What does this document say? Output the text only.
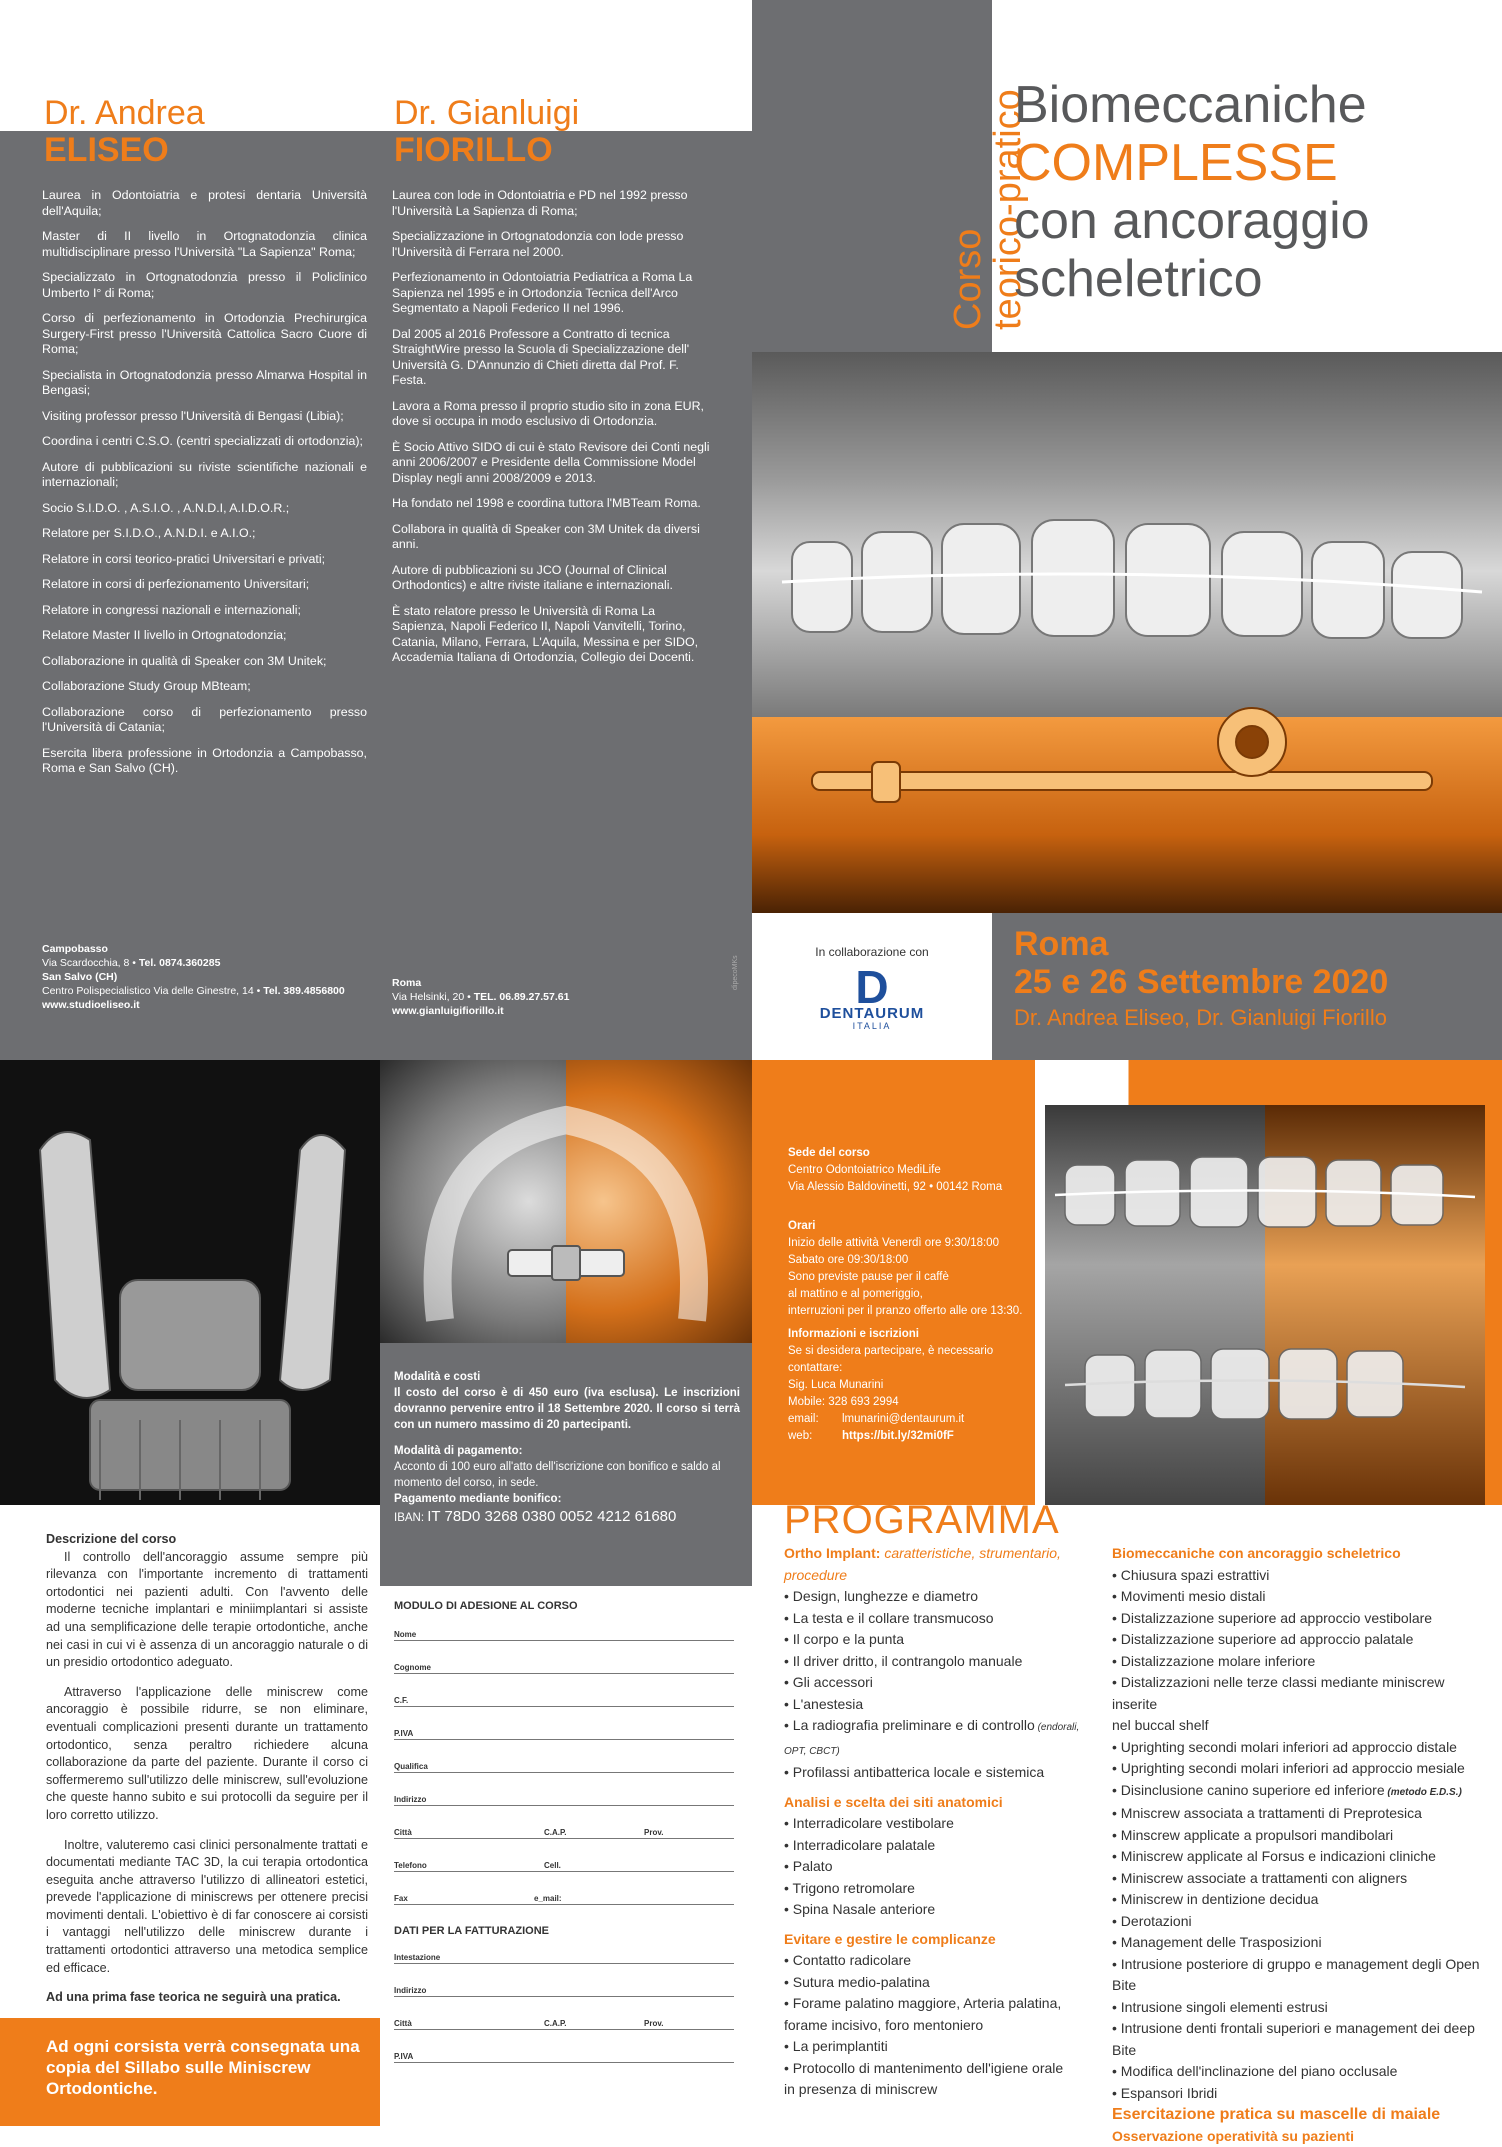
Dr. Andrea
ELISEO

Laurea in Odontoiatria e protesi dentaria Università dell'Aquila;

Master di II livello in Ortognatodonzia clinica multidisciplinare presso l'Università "La Sapienza" Roma;

Specializzato in Ortognatodonzia presso il Policlinico Umberto I° di Roma;

Corso di perfezionamento in Ortodonzia Prechirurgica Surgery-First presso l'Università Cattolica Sacro Cuore di Roma;

Specialista in Ortognatodonzia presso Almarwa Hospital in Bengasi;

Visiting professor presso l'Università di Bengasi (Libia);

Coordina i centri C.S.O. (centri specializzati di ortodonzia);

Autore di pubblicazioni su riviste scientifiche nazionali e internazionali;

Socio S.I.D.O. , A.S.I.O. , A.N.D.I, A.I.D.O.R.;

Relatore per S.I.D.O., A.N.D.I. e A.I.O.;

Relatore in corsi teorico-pratici Universitari e privati;

Relatore in corsi di perfezionamento Universitari;

Relatore in congressi nazionali e internazionali;

Relatore Master II livello in Ortognatodonzia;

Collaborazione in qualità di Speaker con 3M Unitek;

Collaborazione Study Group MBteam;

Collaborazione corso di perfezionamento presso l'Università di Catania;

Esercita libera professione in Ortodonzia a Campobasso, Roma e San Salvo (CH).

Dr. Gianluigi
FIORILLO

Laurea con lode in Odontoiatria e PD nel 1992 presso l'Università La Sapienza di Roma;

Specializzazione in Ortognatodonzia con lode presso l'Università di Ferrara nel 2000.

Perfezionamento in Odontoiatria Pediatrica a Roma La Sapienza nel 1995 e in Ortodonzia Tecnica dell'Arco Segmentato a Napoli Federico II nel 1996.

Dal 2005 al 2016 Professore a Contratto di tecnica StraightWire presso la Scuola di Specializzazione dell' Università G. D'Annunzio di Chieti diretta dal Prof. F. Festa.

Lavora a Roma presso il proprio studio sito in zona EUR, dove si occupa in modo esclusivo di Ortodonzia.

È Socio Attivo SIDO di cui è stato Revisore dei Conti negli anni 2006/2007 e Presidente della Commissione Model Display negli anni 2008/2009 e 2013.

Ha fondato nel 1998 e coordina tuttora l'MBTeam Roma.

Collabora in qualità di Speaker con 3M Unitek da diversi anni.

Autore di pubblicazioni su JCO (Journal of Clinical Orthodontics) e altre riviste italiane e internazionali.

È stato relatore presso le Università di Roma La Sapienza, Napoli Federico II, Napoli Vanvitelli, Torino, Catania, Milano, Ferrara, L'Aquila, Messina e per SIDO, Accademia Italiana di Ortodonzia, Collegio dei Docenti.

Campobasso
Via Scardocchia, 8 • Tel. 0874.360285
San Salvo (CH)
Centro Polispecialistico Via delle Ginestre, 14 • Tel. 389.4856800
www.studioeliseo.it
Roma
Via Helsinki, 20 • TEL. 06.89.27.57.61
www.gianluigifiorillo.it
dipecoMKs
Corso
teorico-pratico
Biomeccaniche
COMPLESSE
con ancoraggio
scheletrico
In collaborazione con
D
DENTAURUM
ITALIA
Roma
25 e 26 Settembre 2020
Dr. Andrea Eliseo, Dr. Gianluigi Fiorillo
Modalità e costi
Il costo del corso è di 450 euro (iva esclusa). Le inscrizioni dovranno pervenire entro il 18 Settembre 2020. Il corso si terrà con un numero massimo di 20 partecipanti.
Modalità di pagamento:
Acconto di 100 euro all'atto dell'iscrizione con bonifico e saldo al momento del corso, in sede.
Pagamento mediante bonifico:
IBAN: IT 78D0 3268 0380 0052 4212 61680

Sede del corso

Centro Odontoiatrico MediLife

Via Alessio Baldovinetti, 92 • 00142 Roma

Orari

Inizio delle attività Venerdì ore 9:30/18:00

Sabato ore 09:30/18:00

Sono previste pause per il caffè

al mattino e al pomeriggio,

interruzioni per il pranzo offerto alle ore 13:30.

Informazioni e iscrizioni

Se si desidera partecipare, è necessario contattare:

Sig. Luca Munarini

Mobile: 328 693 2994

email: lmunarini@dentaurum.it

web:	https://bit.ly/32mi0fF

Descrizione del corso
Il controllo dell'ancoraggio assume sempre più rilevanza con l'importante incremento di trattamenti ortodontici nei pazienti adulti. Con l'avvento delle moderne tecniche implantari e miniimplantari si assiste ad una semplificazione delle terapie ortodontiche, anche nei casi in cui vi è assenza di un ancoraggio naturale o di un presidio ortodontico adeguato.
Attraverso l'applicazione delle miniscrew come ancoraggio è possibile ridurre, se non eliminare, eventuali complicazioni presenti durante un trattamento ortodontico, senza peraltro richiedere alcuna collaborazione da parte del paziente. Durante il corso ci soffermeremo sull'utilizzo delle miniscrew, sull'evoluzione che queste hanno subito e sui protocolli da seguire per il loro corretto utilizzo.
Inoltre, valuteremo casi clinici personalmente trattati e documentati mediante TAC 3D, la cui terapia ortodontica eseguita anche attraverso l'utilizzo di allineatori estetici, prevede l'applicazione di miniscrews per ottenere precisi movimenti dentali. L'obiettivo è di far conoscere ai corsisti i vantaggi nell'utilizzo delle miniscrew durante i trattamenti ortodontici attraverso una metodica semplice ed efficace.
Ad una prima fase teorica ne seguirà una pratica.
Ad ogni corsista verrà consegnata una copia del Sillabo sulle Miniscrew Ortodontiche.
MODULO DI ADESIONE AL CORSO
Nome
Cognome
C.F.
P.IVA
Qualifica
Indirizzo
Città	C.A.P.	Prov.
Telefono	Cell.
Fax	e_mail:
DATI PER LA FATTURAZIONE
Intestazione
Indirizzo
Città	C.A.P.	Prov.
P.IVA
PROGRAMMA
Ortho Implant: caratteristiche, strumentario, procedure
• Design, lunghezze e diametro
• La testa e il collare transmucoso
• Il corpo e la punta
• Il driver dritto, il contrangolo manuale
• Gli accessori
• L'anestesia
• La radiografia preliminare e di controllo (endorali, OPT, CBCT)
• Profilassi antibatterica locale e sistemica
Analisi e scelta dei siti anatomici
• Interradicolare vestibolare
• Interradicolare palatale
• Palato
• Trigono retromolare
• Spina Nasale anteriore
Evitare e gestire le complicanze
• Contatto radicolare
• Sutura medio-palatina
• Forame palatino maggiore, Arteria palatina,
forame incisivo, foro mentoniero
• La perimplantiti
• Protocollo di mantenimento dell'igiene orale
in presenza di miniscrew
Biomeccaniche con ancoraggio scheletrico
• Chiusura spazi estrattivi
• Movimenti mesio distali
• Distalizzazione superiore ad approccio vestibolare
• Distalizzazione superiore ad approccio palatale
• Distalizzazione molare inferiore
• Distalizzazioni nelle terze classi mediante miniscrew inserite
nel buccal shelf
• Uprighting secondi molari inferiori ad approccio distale
• Uprighting secondi molari inferiori ad approccio mesiale
• Disinclusione canino superiore ed inferiore (metodo E.D.S.)
• Mniscrew associata a trattamenti di Preprotesica
• Minscrew applicate a propulsori mandibolari
• Miniscrew applicate al Forsus e indicazioni cliniche
• Miniscrew associate a trattamenti con aligners
• Miniscrew in dentizione decidua
• Derotazioni
• Management delle Trasposizioni
• Intrusione posteriore di gruppo e management degli Open Bite
• Intrusione singoli elementi estrusi
• Intrusione denti frontali superiori e management dei deep Bite
• Modifica dell'inclinazione del piano occlusale
• Espansori Ibridi
Esercitazione pratica su mascelle di maiale
Osservazione operatività su pazienti
